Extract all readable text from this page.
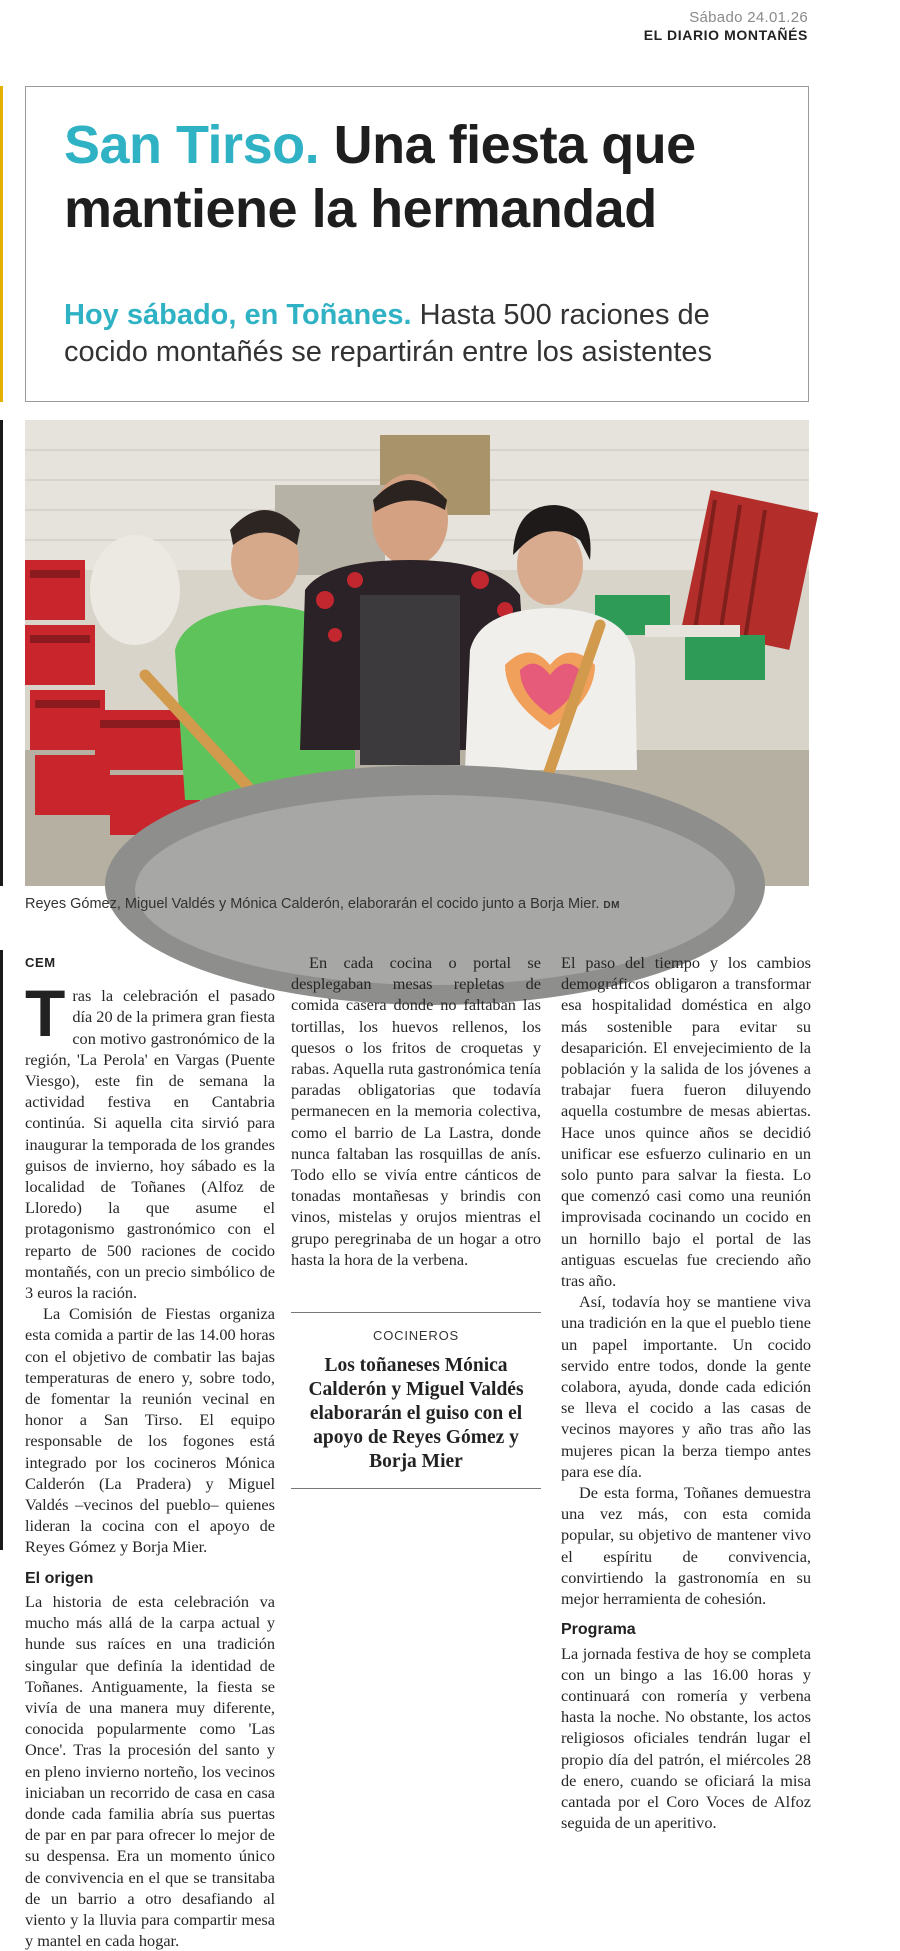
Sábado 24.01.26
EL DIARIO MONTAÑÉS
San Tirso. Una fiesta que mantiene la hermandad
Hoy sábado, en Toñanes. Hasta 500 raciones de cocido montañés se repartirán entre los asistentes
Reyes Gómez, Miguel Valdés y Mónica Calderón, elaborarán el cocido junto a Borja Mier. DM
CEM

Tras la celebración el pasado día 20 de la primera gran fiesta con motivo gastronómico de la región, 'La Perola' en Vargas (Puente Viesgo), este fin de semana la actividad festiva en Cantabria continúa. Si aquella cita sirvió para inaugurar la temporada de los grandes guisos de invierno, hoy sábado es la localidad de Toñanes (Alfoz de Lloredo) la que asume el protagonismo gastronómico con el reparto de 500 raciones de cocido montañés, con un precio simbólico de 3 euros la ración.

La Comisión de Fiestas organiza esta comida a partir de las 14.00 horas con el objetivo de combatir las bajas temperaturas de enero y, sobre todo, de fomentar la reunión vecinal en honor a San Tirso. El equipo responsable de los fogones está integrado por los cocineros Mónica Calderón (La Pradera) y Miguel Valdés –vecinos del pueblo– quienes lideran la cocina con el apoyo de Reyes Gómez y Borja Mier.

El origen

La historia de esta celebración va mucho más allá de la carpa actual y hunde sus raíces en una tradición singular que definía la identidad de Toñanes. Antiguamente, la fiesta se vivía de una manera muy diferente, conocida popularmente como 'Las Once'. Tras la procesión del santo y en pleno invierno norteño, los vecinos iniciaban un recorrido de casa en casa donde cada familia abría sus puertas de par en par para ofrecer lo mejor de su despensa. Era un momento único de convivencia en el que se transitaba de un barrio a otro desafiando al viento y la lluvia para compartir mesa y mantel en cada hogar.

En cada cocina o portal se desplegaban mesas repletas de comida casera donde no faltaban las tortillas, los huevos rellenos, los quesos o los fritos de croquetas y rabas. Aquella ruta gastronómica tenía paradas obligatorias que todavía permanecen en la memoria colectiva, como el barrio de La Lastra, donde nunca faltaban las rosquillas de anís. Todo ello se vivía entre cánticos de tonadas montañesas y brindis con vinos, mistelas y orujos mientras el grupo peregrinaba de un hogar a otro hasta la hora de la verbena.

COCINEROS
Los toñaneses Mónica Calderón y Miguel Valdés elaborarán el guiso con el apoyo de Reyes Gómez y Borja Mier

El paso del tiempo y los cambios demográficos obligaron a transformar esa hospitalidad doméstica en algo más sostenible para evitar su desaparición. El envejecimiento de la población y la salida de los jóvenes a trabajar fuera fueron diluyendo aquella costumbre de mesas abiertas. Hace unos quince años se decidió unificar ese esfuerzo culinario en un solo punto para salvar la fiesta. Lo que comenzó casi como una reunión improvisada cocinando un cocido en un hornillo bajo el portal de las antiguas escuelas fue creciendo año tras año.

Así, todavía hoy se mantiene viva una tradición en la que el pueblo tiene un papel importante. Un cocido servido entre todos, donde la gente colabora, ayuda, donde cada edición se lleva el cocido a las casas de vecinos mayores y año tras año las mujeres pican la berza tiempo antes para ese día.

De esta forma, Toñanes demuestra una vez más, con esta comida popular, su objetivo de mantener vivo el espíritu de convivencia, convirtiendo la gastronomía en su mejor herramienta de cohesión.

Programa

La jornada festiva de hoy se completa con un bingo a las 16.00 horas y continuará con romería y verbena hasta la noche. No obstante, los actos religiosos oficiales tendrán lugar el propio día del patrón, el miércoles 28 de enero, cuando se oficiará la misa cantada por el Coro Voces de Alfoz seguida de un aperitivo.
